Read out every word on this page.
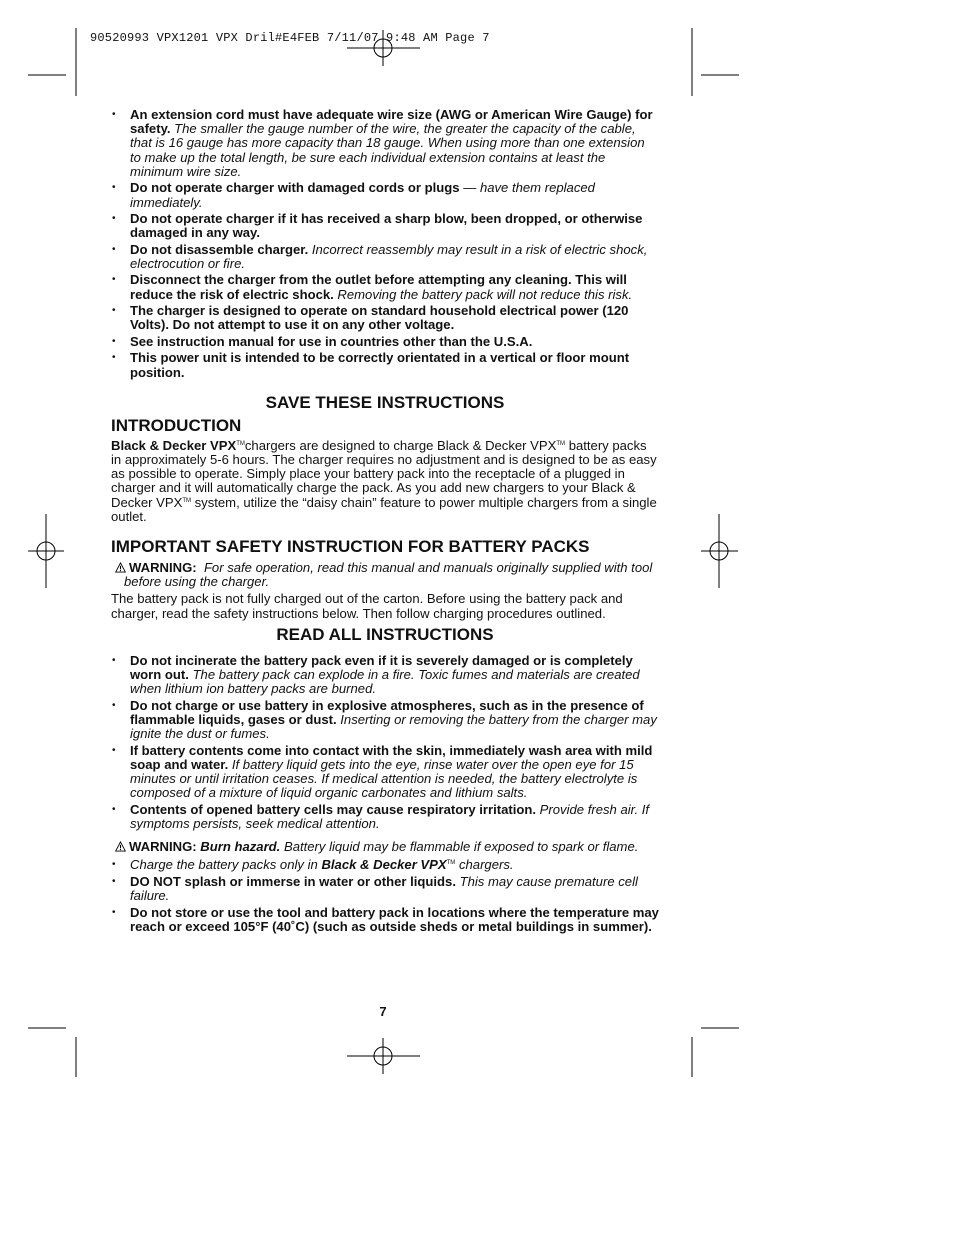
90520993 VPX1201 VPX Dril#E4FEB 7/11/07 9:48 AM Page 7
• An extension cord must have adequate wire size (AWG or American Wire Gauge) for safety. The smaller the gauge number of the wire, the greater the capacity of the cable, that is 16 gauge has more capacity than 18 gauge. When using more than one extension to make up the total length, be sure each individual extension contains at least the minimum wire size.
• Do not operate charger with damaged cords or plugs — have them replaced immediately.
• Do not operate charger if it has received a sharp blow, been dropped, or otherwise damaged in any way.
• Do not disassemble charger. Incorrect reassembly may result in a risk of electric shock, electrocution or fire.
• Disconnect the charger from the outlet before attempting any cleaning. This will reduce the risk of electric shock. Removing the battery pack will not reduce this risk.
• The charger is designed to operate on standard household electrical power (120 Volts). Do not attempt to use it on any other voltage.
• See instruction manual for use in countries other than the U.S.A.
• This power unit is intended to be correctly orientated in a vertical or floor mount position.
SAVE THESE INSTRUCTIONS
INTRODUCTION

Black & Decker VPX™chargers are designed to charge Black & Decker VPX™ battery packs in approximately 5-6 hours. The charger requires no adjustment and is designed to be as easy as possible to operate. Simply place your battery pack into the receptacle of a plugged in charger and it will automatically charge the pack. As you add new chargers to your Black & Decker VPX™ system, utilize the “daisy chain” feature to power multiple chargers from a single outlet.

IMPORTANT SAFETY INSTRUCTION FOR BATTERY PACKS

WARNING: For safe operation, read this manual and manuals originally supplied with tool before using the charger.

The battery pack is not fully charged out of the carton. Before using the battery pack and charger, read the safety instructions below. Then follow charging procedures outlined.

READ ALL INSTRUCTIONS
• Do not incinerate the battery pack even if it is severely damaged or is completely worn out. The battery pack can explode in a fire. Toxic fumes and materials are created when lithium ion battery packs are burned.
• Do not charge or use battery in explosive atmospheres, such as in the presence of flammable liquids, gases or dust. Inserting or removing the battery from the charger may ignite the dust or fumes.
• If battery contents come into contact with the skin, immediately wash area with mild soap and water. If battery liquid gets into the eye, rinse water over the open eye for 15 minutes or until irritation ceases. If medical attention is needed, the battery electrolyte is composed of a mixture of liquid organic carbonates and lithium salts.
• Contents of opened battery cells may cause respiratory irritation. Provide fresh air. If symptoms persists, seek medical attention.

WARNING: Burn hazard. Battery liquid may be flammable if exposed to spark or flame.

• Charge the battery packs only in Black & Decker VPX™ chargers.
• DO NOT splash or immerse in water or other liquids. This may cause premature cell failure.
• Do not store or use the tool and battery pack in locations where the temperature may reach or exceed 105°F (40˚C) (such as outside sheds or metal buildings in summer).
7
